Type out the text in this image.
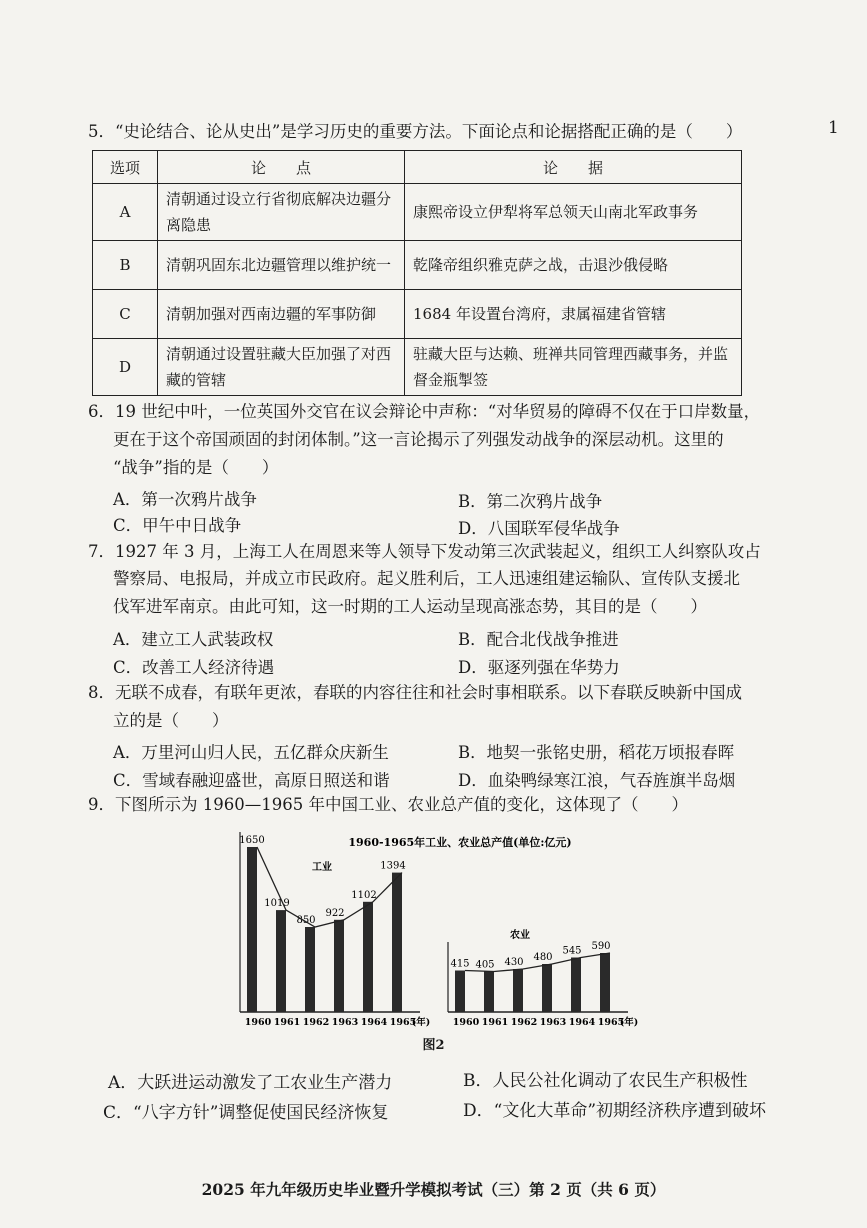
1
5．“史论结合、论从史出”是学习历史的重要方法。下面论点和论据搭配正确的是（　　）
选项	论　　点	论　　据
A	清朝通过设立行省彻底解决边疆分离隐患	康熙帝设立伊犁将军总领天山南北军政事务
B	清朝巩固东北边疆管理以维护统一	乾隆帝组织雅克萨之战，击退沙俄侵略
C	清朝加强对西南边疆的军事防御	1684 年设置台湾府，隶属福建省管辖
D	清朝通过设置驻藏大臣加强了对西藏的管辖	驻藏大臣与达赖、班禅共同管理西藏事务，并监督金瓶掣签
6．19 世纪中叶，一位英国外交官在议会辩论中声称：“对华贸易的障碍不仅在于口岸数量，
更在于这个帝国顽固的封闭体制。”这一言论揭示了列强发动战争的深层动机。这里的
“战争”指的是（　　）
A．第一次鸦片战争	B．第二次鸦片战争
C．甲午中日战争	D．八国联军侵华战争
7．1927 年 3 月，上海工人在周恩来等人领导下发动第三次武装起义，组织工人纠察队攻占
警察局、电报局，并成立市民政府。起义胜利后，工人迅速组建运输队、宣传队支援北
伐军进军南京。由此可知，这一时期的工人运动呈现高涨态势，其目的是（　　）
A．建立工人武装政权	B．配合北伐战争推进
C．改善工人经济待遇	D．驱逐列强在华势力
8．无联不成春，有联年更浓，春联的内容往往和社会时事相联系。以下春联反映新中国成
立的是（　　）
A．万里河山归人民，五亿群众庆新生	B．地契一张铭史册，稻花万顷报春晖
C．雪域春融迎盛世，高原日照送和谐	D．血染鸭绿寒江浪，气吞旌旗半岛烟
9．下图所示为 1960—1965 年中国工业、农业总产值的变化，这体现了（　　）
1960-1965年工业、农业总产值(单位:亿元)
工业
1650
1960
1019
1961
850
1962
922
1963
1102
1964
1394
1965
(年)
农业
415
1960
405
1961
430
1962
480
1963
545
1964
590
1965
(年)
图2
A．大跃进运动激发了工农业生产潜力	B．人民公社化调动了农民生产积极性
C．“八字方针”调整促使国民经济恢复	D．“文化大革命”初期经济秩序遭到破坏
2025 年九年级历史毕业暨升学模拟考试（三）第 2 页（共 6 页）
